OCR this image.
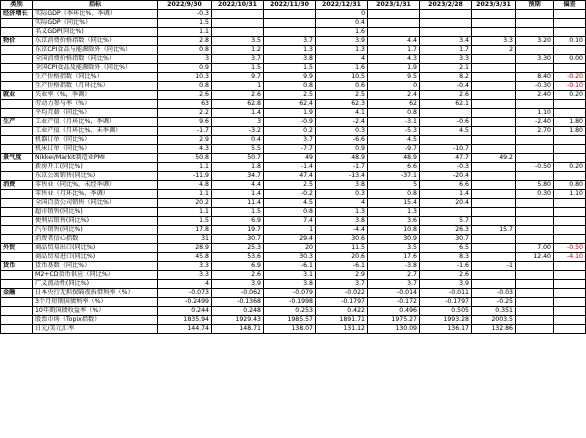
类别	指标	2022/9/30	2022/10/31	2022/11/30	2022/12/31	2023/1/31	2023/2/28	2023/3/31	预期	偏差
经济增长	实际GDP（季环比%，季调）	-0.3			0					
	实际GDP（同比%）	1.5			0.4					
	名义GDP(同比%)	1.1			1.6					
物价	东京消费价格指数（同比%）	2.8	3.5	3.7	3.9	4.4	3.4	3.3	3.20	0.10
	东京CPI食品与能源除外（同比%）	0.8	1.2	1.3	1.3	1.7	1.7	2		
	全国消费价格指数（同比%）	3	3.7	3.8	4	4.3	3.3		3.30	0.00
	全国CPI食品及能源除外（同比%）	0.9	1.5	1.5	1.6	1.9	2.1			
	生产价格指数（同比%）	10.3	9.7	9.9	10.5	9.5	8.2		8.40	-0.20
	生产价格指数（月环比%）	0.8	1	0.8	0.6	0	-0.4		-0.30	-0.10
就业	失业率（%，季调）	2.6	2.6	2.5	2.5	2.4	2.6		2.40	0.20
	劳动力参与率（%）	63	62.8	62.4	62.3	62	62.1			
	平均月薪（同比%）	2.2	1.4	1.9	4.1	0.8			1.10	
生产	工业产值（月环比%，季调）	9.6	3	-0.9	-2.4	-3.1	-0.6		-2.40	1.80
	工业产值（月环比%，未季调）	-1.7	-3.2	0.2	0.3	-5.3	4.5		2.70	1.80
	机器订单（同比%）	2.9	0.4	3.7	-6.6	4.5				
	机床订单（同比%）	4.3	5.5	-7.7	0.9	-9.7	-10.7			
景气度	Nikkei/Markit制造业PMI	50.8	50.7	49	48.9	48.9	47.7	49.2		
	新房开工(同比%)	1.1	1.8	-1.4	-1.7	6.6	-0.3		-0.50	0.20
	东京公寓销售(同比%)	-11.9	34.7	47.4	-13.4	-37.1	-20.4			
消费	零售业（同比%，未经季调）	4.8	4.4	2.5	3.8	5	6.6		5.80	0.80
	零售业（月环比%，季调）	1.1	1.4	-0.2	0.3	0.8	1.4		0.30	1.10
	全国百货公司销售（同比%）	20.2	11.4	4.5	4	15.4	20.4			
	超市销售(同比%)	1.1	1.5	0.8	1.3	1.3				
	便利店销售(同比%)	1.5	6.9	7.4	3.8	3.6	5.7			
	汽车销售(同比%)	17.8	19.7	1	-4.4	10.8	26.3	15.7		
	消费者信心指数	31	30.7	29.4	30.6	30.9	30.7			
外贸	商品贸易出口(同比%)	28.9	25.3	20	11.5	3.5	6.5		7.00	-0.50
	商品贸易进口(同比%)	45.8	53.6	30.3	20.6	17.6	8.3		12.40	-4.10
货币	货币基数（同比%）	3.3	6.9	-6.1	-6.1	-3.8	-1.6	-1		
	M2+CD货币供应（同比%）	3.3	2.6	3.1	2.9	2.7	2.6			
	广义流动性(同比%)	4	3.9	3.8	3.7	3.7	3.9			
金融	日本央行无担保隔夜拆借利率（%）	-0.073	-0.062	-0.079	-0.022	-0.014	-0.011	-0.03		
	3个月短期国债利率（%）	-0.2499	-0.1368	-0.1998	-0.1797	-0.172	-0.1797	-0.25		
	10年期国债收益率（%）	0.244	0.248	0.253	0.422	0.496	0.505	0.351		
	股票市场（Topix指数）	1835.94	1929.43	1985.57	1891.71	1975.27	1993.28	2003.5		
	日元/美元汇率	144.74	148.71	138.07	131.12	130.09	136.17	132.86		
